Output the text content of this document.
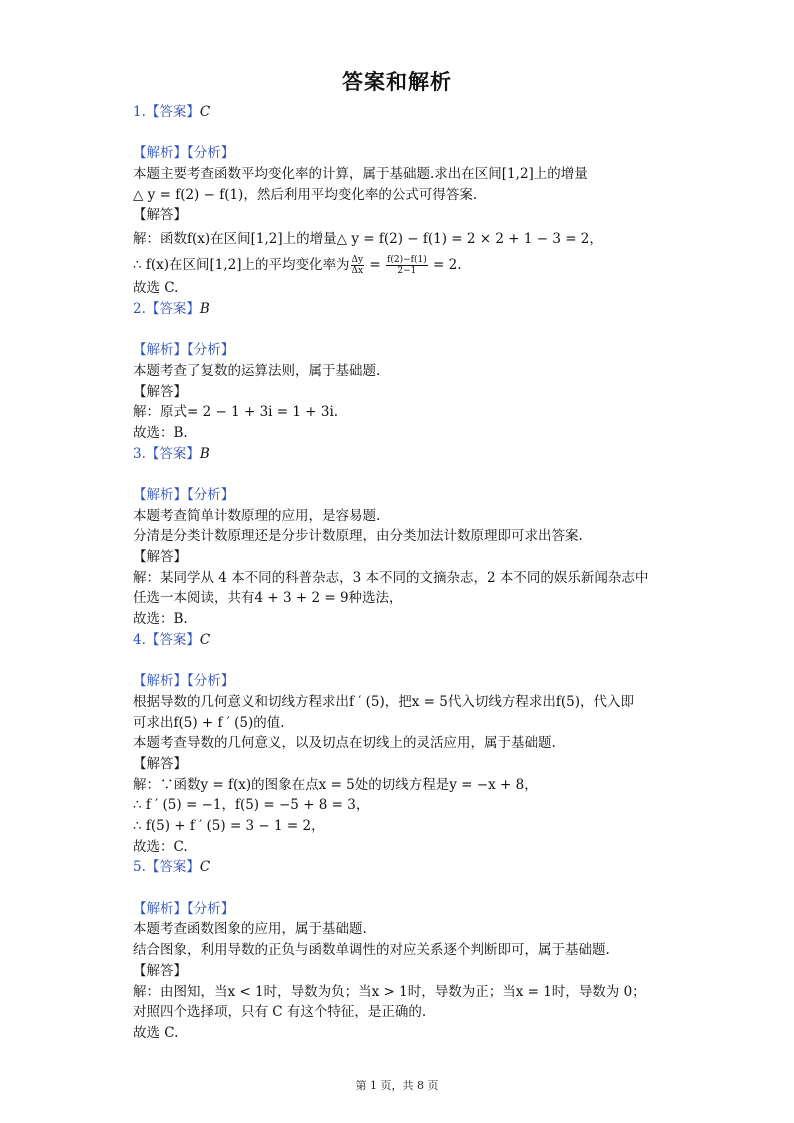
答案和解析
1.【答案】C
【解析】【分析】
本题主要考查函数平均变化率的计算，属于基础题.求出在区间[1,2]上的增量
△ y = f(2) − f(1)，然后利用平均变化率的公式可得答案.
【解答】
解：函数f(x)在区间[1,2]上的增量△ y = f(2) − f(1) = 2 × 2 + 1 − 3 = 2，
∴ f(x)在区间[1,2]上的平均变化率为 $\frac{\Delta y}{\Delta x} = \frac{f(2)-f(1)}{2-1} = 2$.
故选 C.
2.【答案】B
【解析】【分析】
本题考查了复数的运算法则，属于基础题.
【解答】
解：原式= 2 − 1 + 3i = 1 + 3i.
故选：B.
3.【答案】B
【解析】【分析】
本题考查简单计数原理的应用，是容易题.
分清是分类计数原理还是分步计数原理，由分类加法计数原理即可求出答案.
【解答】
解：某同学从 4 本不同的科普杂志，3 本不同的文摘杂志，2 本不同的娱乐新闻杂志中
任选一本阅读，共有4 + 3 + 2 = 9种选法，
故选：B.
4.【答案】C
【解析】【分析】
根据导数的几何意义和切线方程求出f ′ (5)，把x = 5代入切线方程求出f(5)，代入即
可求出f(5) + f ′ (5)的值.
本题考查导数的几何意义，以及切点在切线上的灵活应用，属于基础题.
【解答】
解：∵函数y = f(x)的图象在点x = 5处的切线方程是y = −x + 8，
∴ f ′ (5) = −1，f(5) = −5 + 8 = 3，
∴ f(5) + f ′ (5) = 3 − 1 = 2，
故选：C.
5.【答案】C
【解析】【分析】
本题考查函数图象的应用，属于基础题.
结合图象，利用导数的正负与函数单调性的对应关系逐个判断即可，属于基础题.
【解答】
解：由图知，当x < 1时，导数为负；当x > 1时，导数为正；当x = 1时，导数为 0；
对照四个选择项，只有 C 有这个特征，是正确的.
故选 C.
第 1 页，共 8 页
